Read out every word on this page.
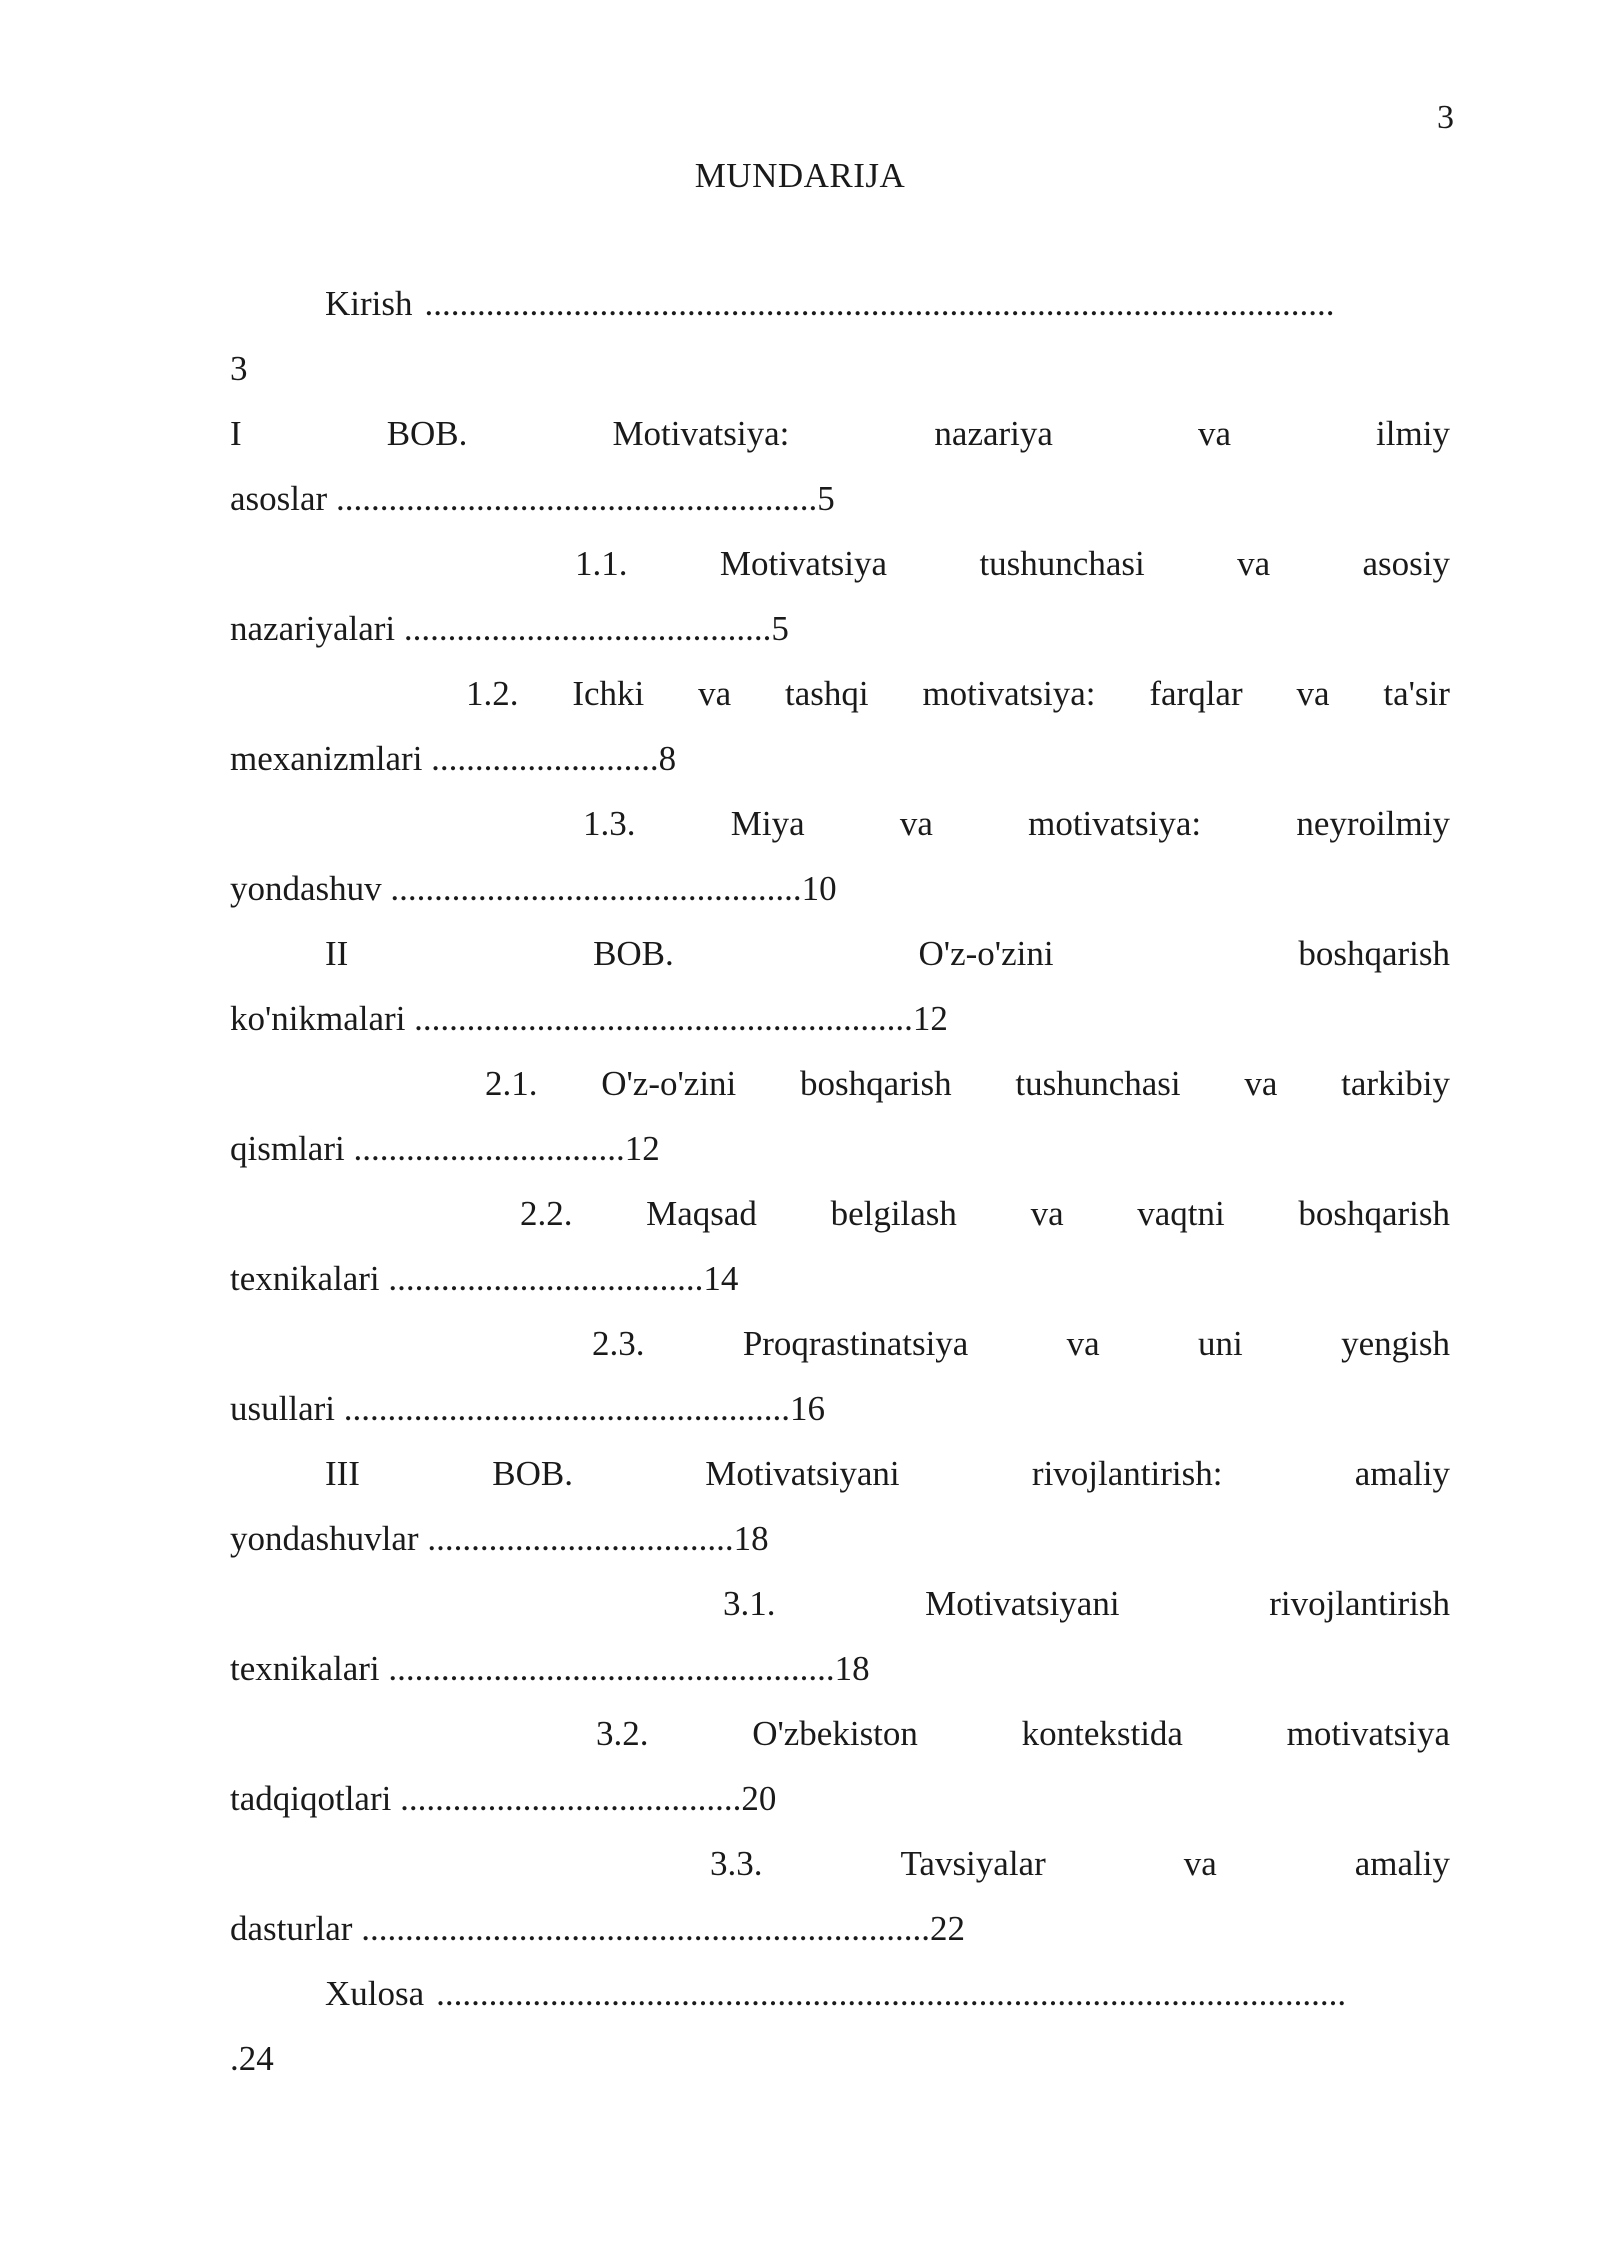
3
MUNDARIJA
Kirish ........................................................................................................
3
I	BOB.	Motivatsiya:	nazariya	va	ilmiy
asoslar .......................................................5
1.1.	Motivatsiya	tushunchasi	va	asosiy
nazariyalari ..........................................5
1.2. Ichki va tashqi motivatsiya: farqlar va ta'sir
mexanizmlari ..........................8
1.3.	Miya	va	motivatsiya:	neyroilmiy
yondashuv ...............................................10
II	BOB.	O'z-o'zini	boshqarish
ko'nikmalari .........................................................12
2.1. O'z-o'zini boshqarish tushunchasi va tarkibiy
qismlari ...............................12
2.2. Maqsad belgilash va vaqtni boshqarish
texnikalari ....................................14
2.3.	Proqrastinatsiya	va	uni	yengish
usullari ...................................................16
III	BOB.	Motivatsiyani	rivojlantirish:	amaliy
yondashuvlar ...................................18
3.1.	Motivatsiyani	rivojlantirish
texnikalari ...................................................18
3.2.	O'zbekiston	kontekstida	motivatsiya
tadqiqotlari .......................................20
3.3.	Tavsiyalar	va	amaliy
dasturlar .................................................................22
Xulosa ........................................................................................................
.24
